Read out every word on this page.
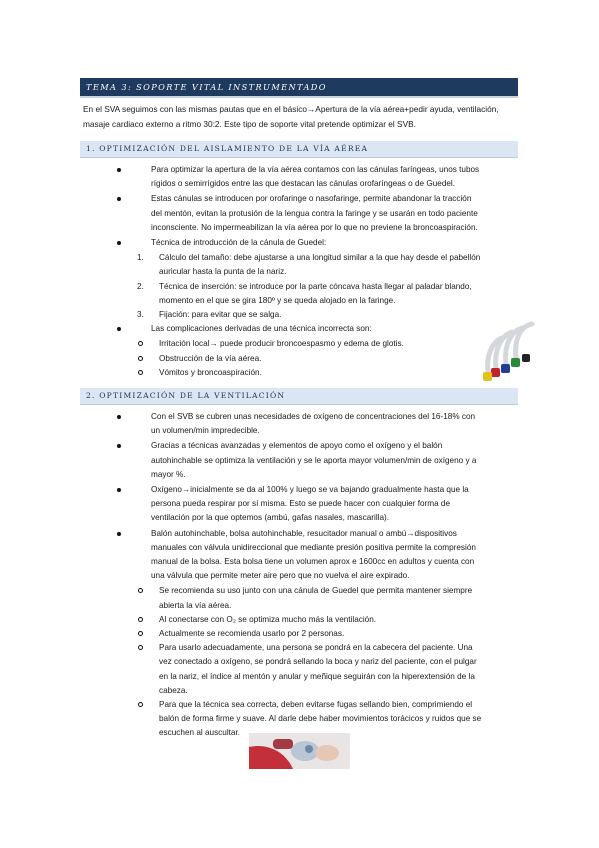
TEMA 3: SOPORTE VITAL INSTRUMENTADO
En el SVA seguimos con las mismas pautas que en el básico→Apertura de la vía aérea+pedir ayuda, ventilación, masaje cardiaco externo a ritmo 30:2. Este tipo de soporte vital pretende optimizar el SVB.
1. OPTIMIZACIÓN DEL AISLAMIENTO DE LA VÍA AÉREA
Para optimizar la apertura de la vía aérea contamos con las cánulas faríngeas, unos tubos rígidos o semirrígidos entre las que destacan las cánulas orofaríngeas o de Guedel.
Estas cánulas se introducen por orofaringe o nasofaringe, permite abandonar la tracción del mentón, evitan la protusión de la lengua contra la faringe y se usarán en todo paciente inconsciente. No impermeabilizan la vía aérea por lo que no previene la broncoaspiración.
Técnica de introducción de la cánula de Guedel:
1. Cálculo del tamaño: debe ajustarse a una longitud similar a la que hay desde el pabellón auricular hasta la punta de la nariz.
2. Técnica de inserción: se introduce por la parte cóncava hasta llegar al paladar blando, momento en el que se gira 180º y se queda alojado en la faringe.
3. Fijación: para evitar que se salga.
Las complicaciones derivadas de una técnica incorrecta son:
Irritación local→ puede producir broncoespasmo y edema de glotis.
Obstrucción de la vía aérea.
Vómitos y broncoaspiración.
2. OPTIMIZACIÓN DE LA VENTILACIÓN
Con el SVB se cubren unas necesidades de oxígeno de concentraciones del 16-18% con un volumen/min impredecible.
Gracias a técnicas avanzadas y elementos de apoyo como el oxígeno y el balón autohinchable se optimiza la ventilación y se le aporta mayor volumen/min de oxígeno y a mayor %.
Oxígeno→inicialmente se da al 100% y luego se va bajando gradualmente hasta que la persona pueda respirar por sí misma. Esto se puede hacer con cualquier forma de ventilación por la que optemos (ambú, gafas nasales, mascarilla).
Balón autohinchable, bolsa autohinchable, resucitador manual o ambú→dispositivos manuales con válvula unidireccional que mediante presión positiva permite la compresión manual de la bolsa. Esta bolsa tiene un volumen aprox e 1600cc en adultos y cuenta con una válvula que permite meter aire pero que no vuelva el aire expirado.
Se recomienda su uso junto con una cánula de Guedel que permita mantener siempre abierta la vía aérea.
Al conectarse con O₂ se optimiza mucho más la ventilación.
Actualmente se recomienda usarlo por 2 personas.
Para usarlo adecuadamente, una persona se pondrá en la cabecera del paciente. Una vez conectado a oxígeno, se pondrá sellando la boca y nariz del paciente, con el pulgar en la nariz, el índice al mentón y anular y meñique seguirán con la hiperextensión de la cabeza.
Para que la técnica sea correcta, deben evitarse fugas sellando bien, comprimiendo el balón de forma firme y suave. Al darle debe haber movimientos torácicos y ruidos que se escuchen al auscultar.
